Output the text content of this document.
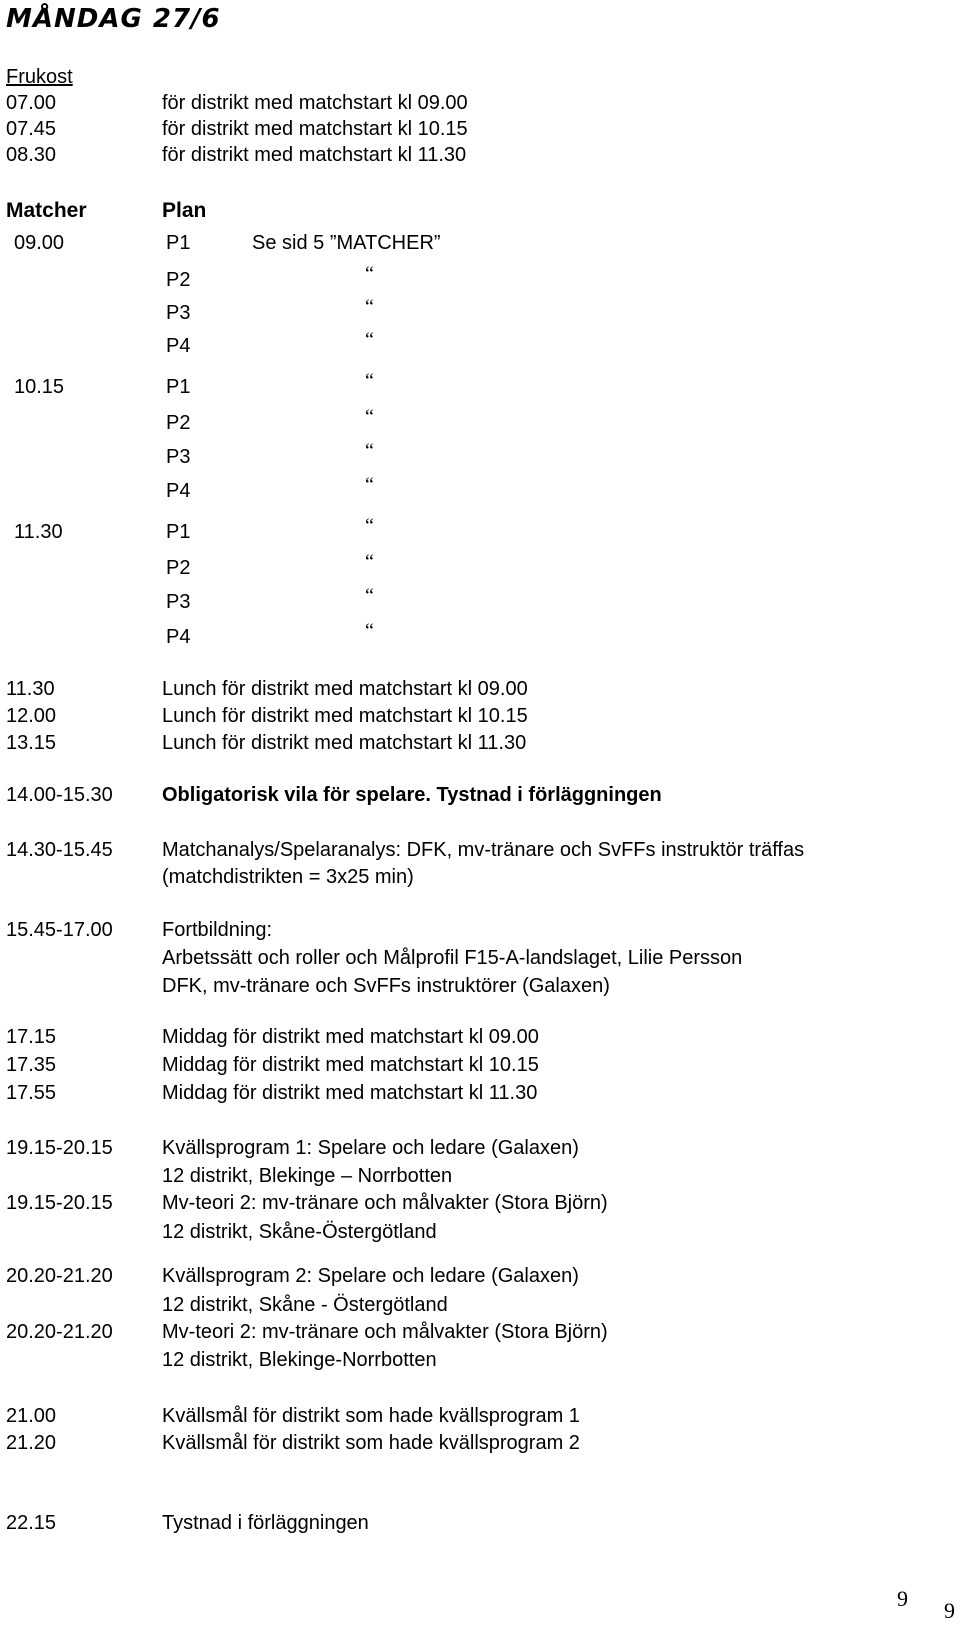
MÅNDAG 27/6
Frukost
07.00	för distrikt med matchstart kl 09.00
07.45	för distrikt med matchstart kl 10.15
08.30	för distrikt med matchstart kl 11.30
Matcher	Plan
09.00	P1	Se sid 5 ”MATCHER”
P2	“
P3	“
P4	“
10.15	P1	“
P2	“
P3	“
P4	“
11.30	P1	“
P2	“
P3	“
P4	“
11.30	Lunch för distrikt med matchstart kl 09.00
12.00	Lunch för distrikt med matchstart kl 10.15
13.15	Lunch för distrikt med matchstart kl 11.30
14.00-15.30 Obligatorisk vila för spelare. Tystnad i förläggningen
14.30-15.45 Matchanalys/Spelaranalys: DFK, mv-tränare och SvFFs instruktör träffas
(matchdistrikten = 3x25 min)
15.45-17.00 Fortbildning:
Arbetssätt och roller och Målprofil F15-A-landslaget, Lilie Persson
DFK, mv-tränare och SvFFs instruktörer (Galaxen)
17.15	Middag för distrikt med matchstart kl 09.00
17.35	Middag för distrikt med matchstart kl 10.15
17.55	Middag för distrikt med matchstart kl 11.30
19.15-20.15 Kvällsprogram 1: Spelare och ledare (Galaxen)
12 distrikt, Blekinge – Norrbotten
19.15-20.15 Mv-teori 2: mv-tränare och målvakter (Stora Björn)
12 distrikt, Skåne-Östergötland
20.20-21.20 Kvällsprogram 2: Spelare och ledare (Galaxen)
12 distrikt, Skåne - Östergötland
20.20-21.20 Mv-teori 2: mv-tränare och målvakter (Stora Björn)
12 distrikt, Blekinge-Norrbotten
21.00	Kvällsmål för distrikt som hade kvällsprogram 1
21.20	Kvällsmål för distrikt som hade kvällsprogram 2
22.15	Tystnad i förläggningen
9 9
